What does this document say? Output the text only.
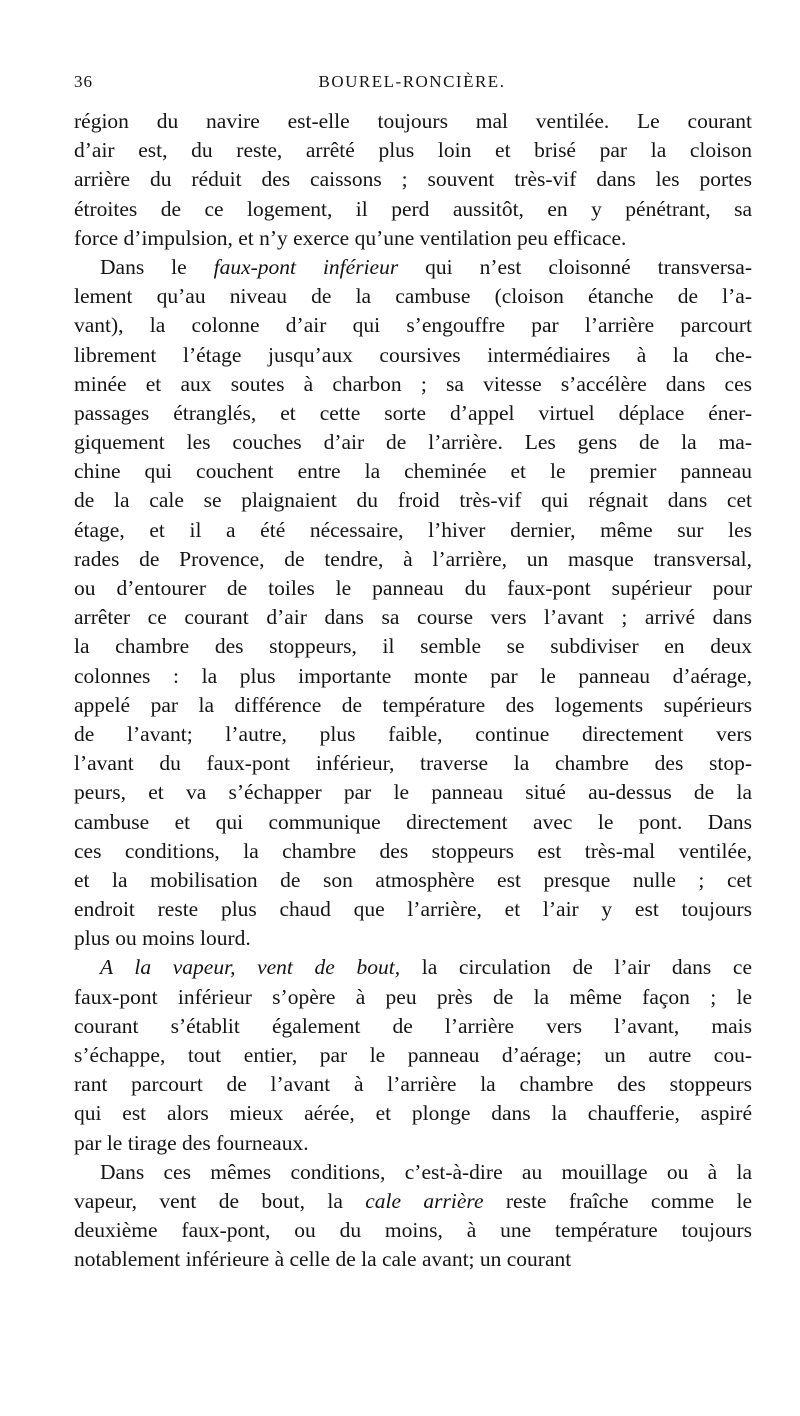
36	BOUREL-RONCIÈRE.
région du navire est-elle toujours mal ventilée. Le courant
d’air est, du reste, arrêté plus loin et brisé par la cloison
arrière du réduit des caissons ; souvent très-vif dans les portes
étroites de ce logement, il perd aussitôt, en y pénétrant, sa
force d’impulsion, et n’y exerce qu’une ventilation peu efficace.
Dans le faux-pont inférieur qui n’est cloisonné transversa-
lement qu’au niveau de la cambuse (cloison étanche de l’a-
vant), la colonne d’air qui s’engouffre par l’arrière parcourt
librement l’étage jusqu’aux coursives intermédiaires à la che-
minée et aux soutes à charbon ; sa vitesse s’accélère dans ces
passages étranglés, et cette sorte d’appel virtuel déplace éner-
giquement les couches d’air de l’arrière. Les gens de la ma-
chine qui couchent entre la cheminée et le premier panneau
de la cale se plaignaient du froid très-vif qui régnait dans cet
étage, et il a été nécessaire, l’hiver dernier, même sur les
rades de Provence, de tendre, à l’arrière, un masque transversal,
ou d’entourer de toiles le panneau du faux-pont supérieur pour
arrêter ce courant d’air dans sa course vers l’avant ; arrivé dans
la chambre des stoppeurs, il semble se subdiviser en deux
colonnes : la plus importante monte par le panneau d’aérage,
appelé par la différence de température des logements supérieurs
de l’avant; l’autre, plus faible, continue directement vers
l’avant du faux-pont inférieur, traverse la chambre des stop-
peurs, et va s’échapper par le panneau situé au-dessus de la
cambuse et qui communique directement avec le pont. Dans
ces conditions, la chambre des stoppeurs est très-mal ventilée,
et la mobilisation de son atmosphère est presque nulle ; cet
endroit reste plus chaud que l’arrière, et l’air y est toujours
plus ou moins lourd.
A la vapeur, vent de bout, la circulation de l’air dans ce
faux-pont inférieur s’opère à peu près de la même façon ; le
courant s’établit également de l’arrière vers l’avant, mais
s’échappe, tout entier, par le panneau d’aérage; un autre cou-
rant parcourt de l’avant à l’arrière la chambre des stoppeurs
qui est alors mieux aérée, et plonge dans la chaufferie, aspiré
par le tirage des fourneaux.
Dans ces mêmes conditions, c’est-à-dire au mouillage ou à la
vapeur, vent de bout, la cale arrière reste fraîche comme le
deuxième faux-pont, ou du moins, à une température toujours
notablement inférieure à celle de la cale avant; un courant
